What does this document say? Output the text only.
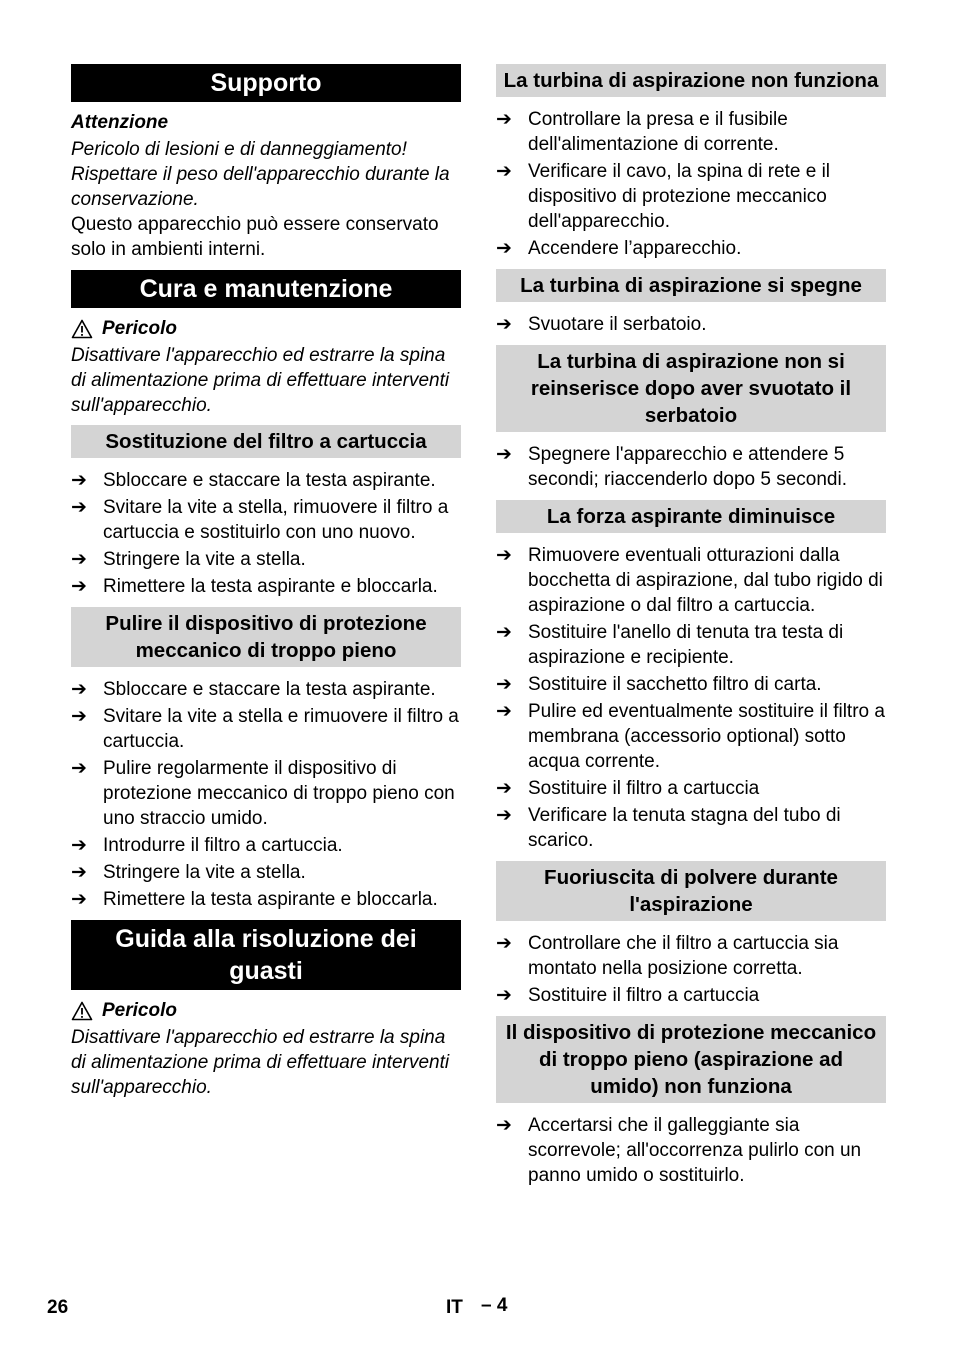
Supporto
Attenzione
Pericolo di lesioni e di danneggiamento! Rispettare il peso dell'apparecchio durante la conservazione.
Questo apparecchio può essere conservato solo in ambienti interni.
Cura e manutenzione
Pericolo
Disattivare l'apparecchio ed estrarre la spina di alimentazione prima di effettuare interventi sull'apparecchio.
Sostituzione del filtro a cartuccia
➔ Sbloccare e staccare la testa aspirante.
➔ Svitare la vite a stella, rimuovere il filtro a cartuccia e sostituirlo con uno nuovo.
➔ Stringere la vite a stella.
➔ Rimettere la testa aspirante e bloccarla.
Pulire il dispositivo di protezione meccanico di troppo pieno
➔ Sbloccare e staccare la testa aspirante.
➔ Svitare la vite a stella e rimuovere il filtro a cartuccia.
➔ Pulire regolarmente il dispositivo di protezione meccanico di troppo pieno con uno straccio umido.
➔ Introdurre il filtro a cartuccia.
➔ Stringere la vite a stella.
➔ Rimettere la testa aspirante e bloccarla.
Guida alla risoluzione dei guasti
Pericolo
Disattivare l'apparecchio ed estrarre la spina di alimentazione prima di effettuare interventi sull'apparecchio.
La turbina di aspirazione non funziona
➔ Controllare la presa e il fusibile dell'alimentazione di corrente.
➔ Verificare il cavo, la spina di rete e il dispositivo di protezione meccanico dell'apparecchio.
➔ Accendere l’apparecchio.
La turbina di aspirazione si spegne
➔ Svuotare il serbatoio.
La turbina di aspirazione non si reinserisce dopo aver svuotato il serbatoio
➔ Spegnere l'apparecchio e attendere 5 secondi; riaccenderlo dopo 5 secondi.
La forza aspirante diminuisce
➔ Rimuovere eventuali otturazioni dalla bocchetta di aspirazione, dal tubo rigido di aspirazione o dal filtro a cartuccia.
➔ Sostituire l'anello di tenuta tra testa di aspirazione e recipiente.
➔ Sostituire il sacchetto filtro di carta.
➔ Pulire ed eventualmente sostituire il filtro a membrana (accessorio optional) sotto acqua corrente.
➔ Sostituire il filtro a cartuccia
➔ Verificare la tenuta stagna del tubo di scarico.
Fuoriuscita di polvere durante l'aspirazione
➔ Controllare che il filtro a cartuccia sia montato nella posizione corretta.
➔ Sostituire il filtro a cartuccia
Il dispositivo di protezione meccanico di troppo pieno (aspirazione ad umido) non funziona
➔ Accertarsi che il galleggiante sia scorrevole; all'occorrenza pulirlo con un panno umido o sostituirlo.
26	IT – 4
